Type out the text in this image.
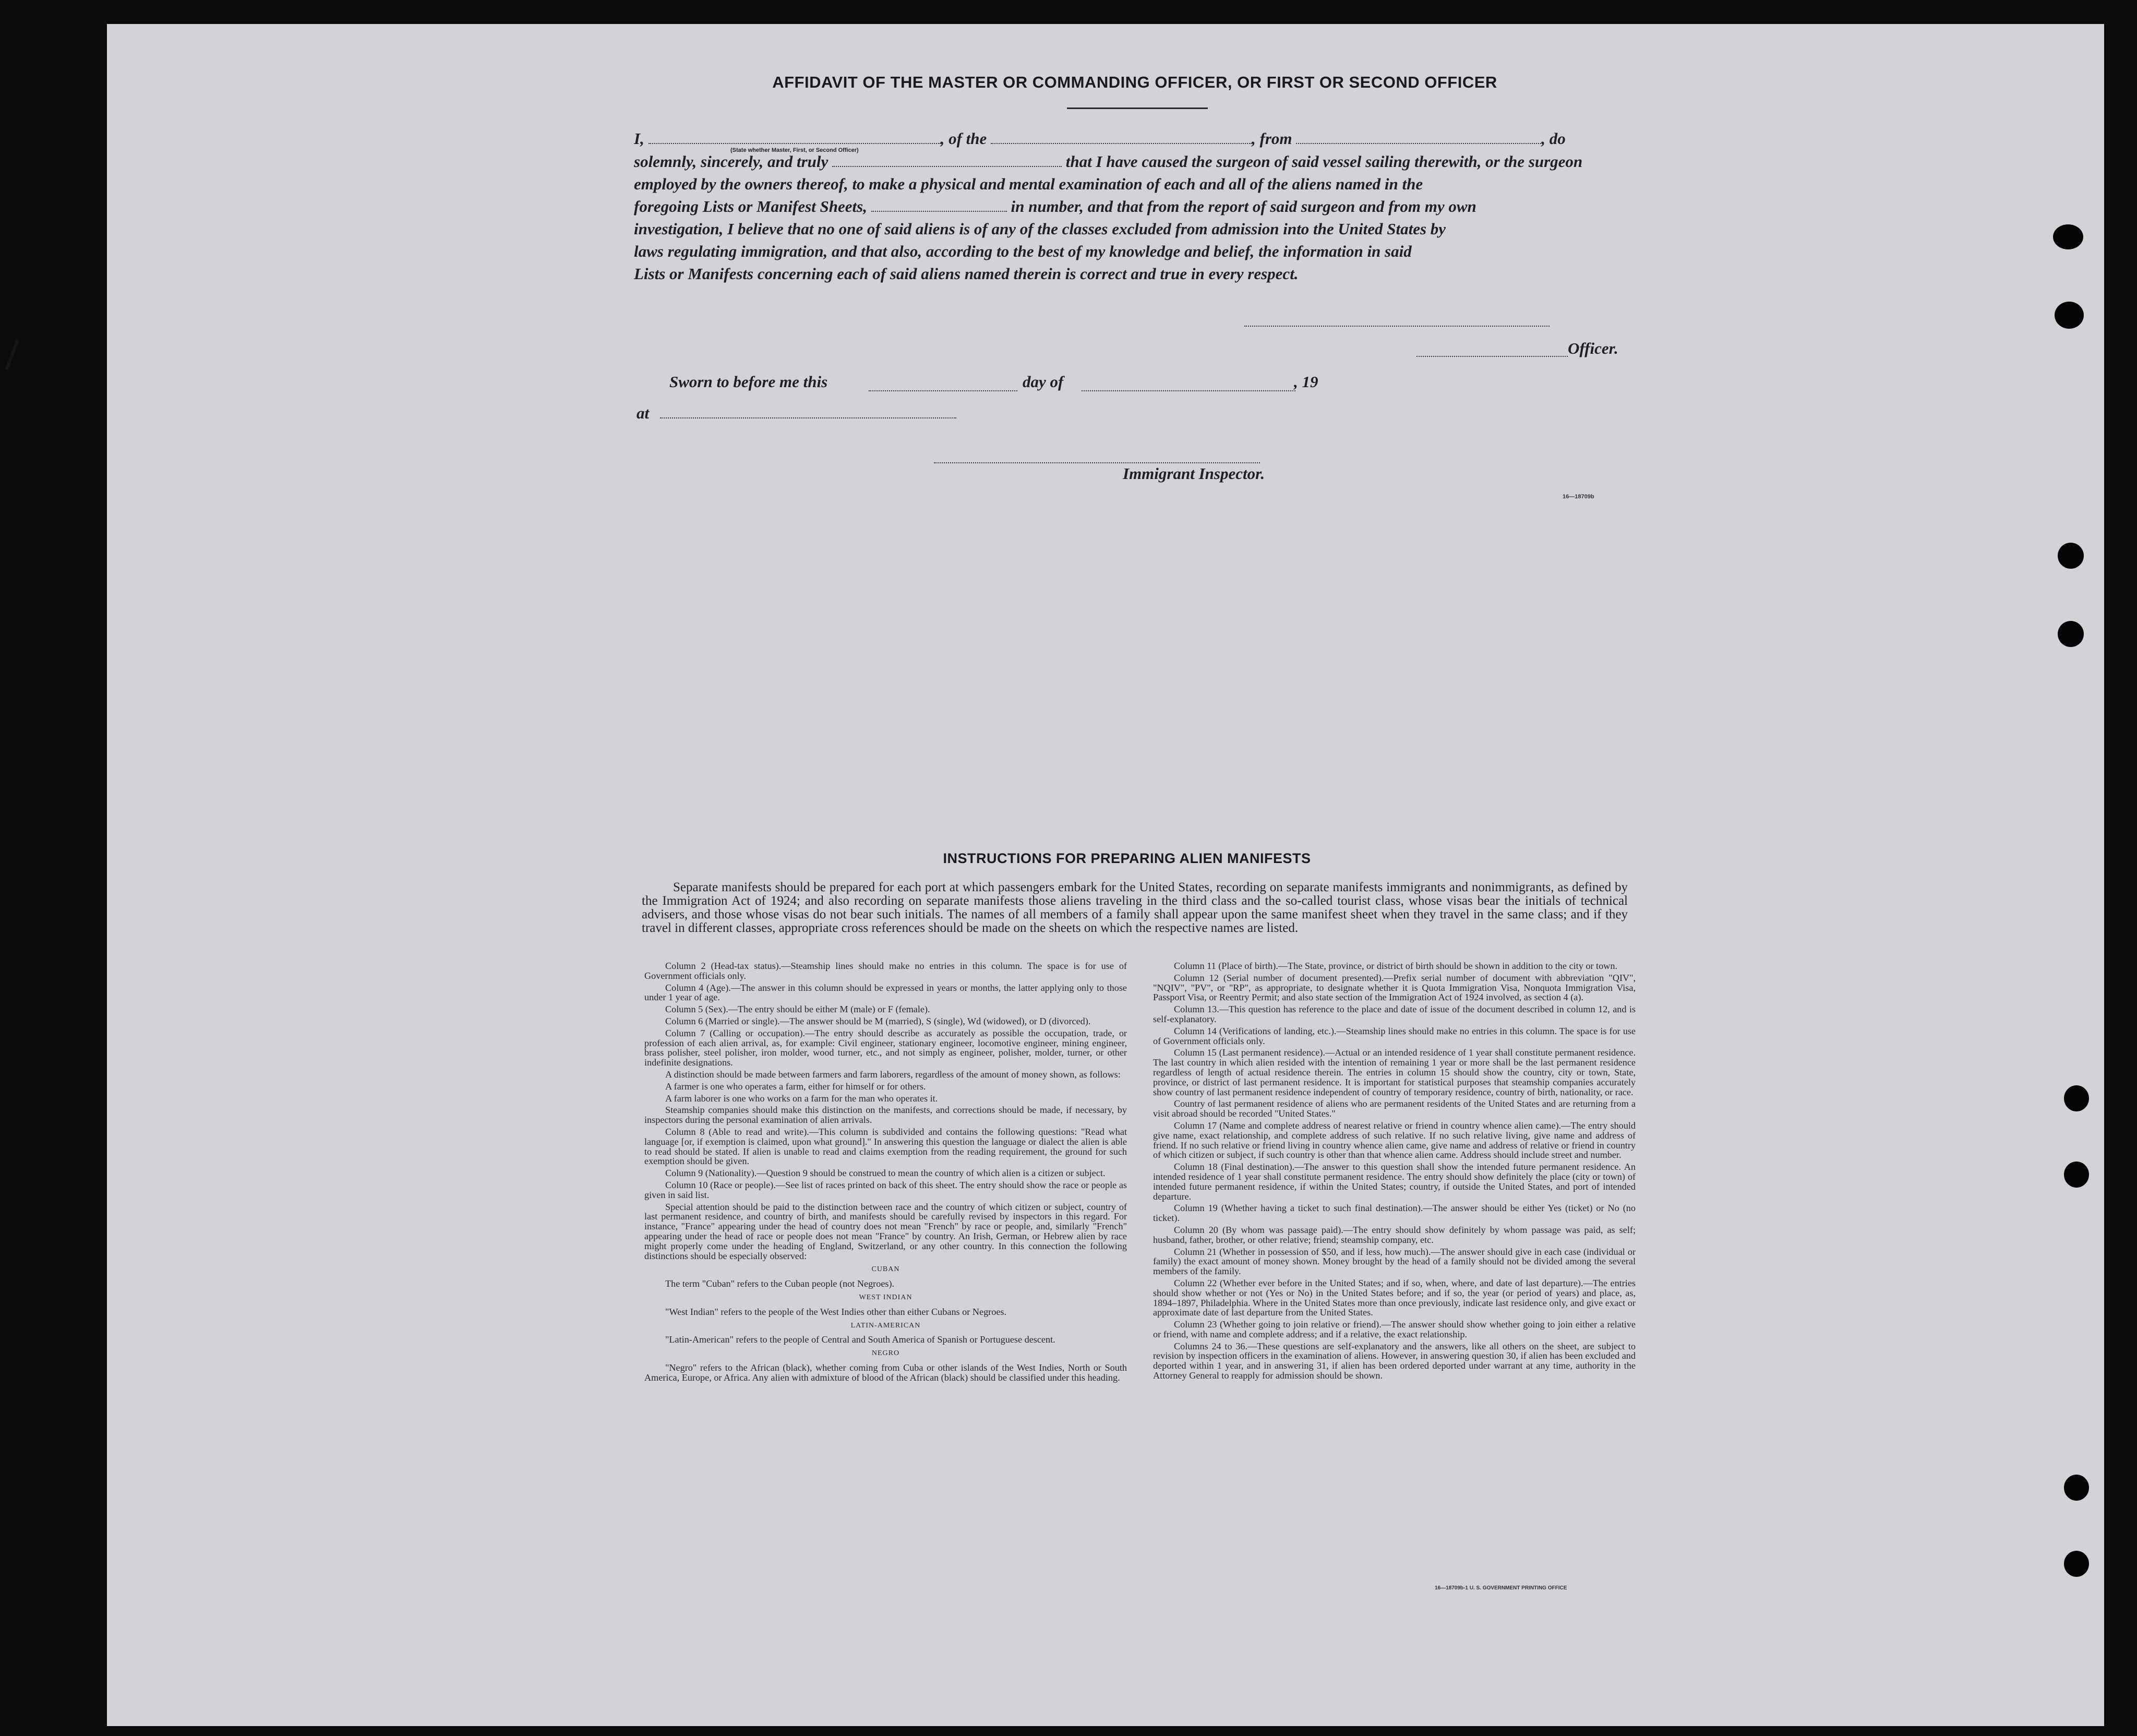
AFFIDAVIT OF THE MASTER OR COMMANDING OFFICER, OR FIRST OR SECOND OFFICER
I,	, of the	, from	, do
(State whether Master, First, or Second Officer)
solemnly, sincerely, and truly	that I have caused the surgeon of said vessel sailing therewith, or the surgeon
employed by the owners thereof, to make a physical and mental examination of each and all of the aliens named in the
foregoing Lists or Manifest Sheets,	in number, and that from the report of said surgeon and from my own
investigation, I believe that no one of said aliens is of any of the classes excluded from admission into the United States by
laws regulating immigration, and that also, according to the best of my knowledge and belief, the information in said
Lists or Manifests concerning each of said aliens named therein is correct and true in every respect.
Officer.
Sworn to before me this	day of	, 19
at
Immigrant Inspector.
16—18709b
INSTRUCTIONS FOR PREPARING ALIEN MANIFESTS
Separate manifests should be prepared for each port at which passengers embark for the United States, recording on separate manifests immigrants and nonimmigrants, as defined by the Immigration Act of 1924; and also recording on separate manifests those aliens traveling in the third class and the so-called tourist class, whose visas bear the initials of technical advisers, and those whose visas do not bear such initials. The names of all members of a family shall appear upon the same manifest sheet when they travel in the same class; and if they travel in different classes, appropriate cross references should be made on the sheets on which the respective names are listed.

Column 2 (Head-tax status).—Steamship lines should make no entries in this column. The space is for use of Government officials only.

Column 4 (Age).—The answer in this column should be expressed in years or months, the latter applying only to those under 1 year of age.

Column 5 (Sex).—The entry should be either M (male) or F (female).

Column 6 (Married or single).—The answer should be M (married), S (single), Wd (widowed), or D (divorced).

Column 7 (Calling or occupation).—The entry should describe as accurately as possible the occupation, trade, or profession of each alien arrival, as, for example: Civil engineer, stationary engineer, locomotive engineer, mining engineer, brass polisher, steel polisher, iron molder, wood turner, etc., and not simply as engineer, polisher, molder, turner, or other indefinite designations.

A distinction should be made between farmers and farm laborers, regardless of the amount of money shown, as follows:

A farmer is one who operates a farm, either for himself or for others.

A farm laborer is one who works on a farm for the man who operates it.

Steamship companies should make this distinction on the manifests, and corrections should be made, if necessary, by inspectors during the personal examination of alien arrivals.

Column 8 (Able to read and write).—This column is subdivided and contains the following questions: "Read what language [or, if exemption is claimed, upon what ground]." In answering this question the language or dialect the alien is able to read should be stated. If alien is unable to read and claims exemption from the reading requirement, the ground for such exemption should be given.

Column 9 (Nationality).—Question 9 should be construed to mean the country of which alien is a citizen or subject.

Column 10 (Race or people).—See list of races printed on back of this sheet. The entry should show the race or people as given in said list.

Special attention should be paid to the distinction between race and the country of which citizen or subject, country of last permanent residence, and country of birth, and manifests should be carefully revised by inspectors in this regard. For instance, "France" appearing under the head of country does not mean "French" by race or people, and, similarly "French" appearing under the head of race or people does not mean "France" by country. An Irish, German, or Hebrew alien by race might properly come under the heading of England, Switzerland, or any other country. In this connection the following distinctions should be especially observed:

CUBAN

The term "Cuban" refers to the Cuban people (not Negroes).

WEST INDIAN

"West Indian" refers to the people of the West Indies other than either Cubans or Negroes.

LATIN-AMERICAN

"Latin-American" refers to the people of Central and South America of Spanish or Portuguese descent.

NEGRO

"Negro" refers to the African (black), whether coming from Cuba or other islands of the West Indies, North or South America, Europe, or Africa. Any alien with admixture of blood of the African (black) should be classified under this heading.

Column 11 (Place of birth).—The State, province, or district of birth should be shown in addition to the city or town.

Column 12 (Serial number of document presented).—Prefix serial number of document with abbreviation "QIV", "NQIV", "PV", or "RP", as appropriate, to designate whether it is Quota Immigration Visa, Nonquota Immigration Visa, Passport Visa, or Reentry Permit; and also state section of the Immigration Act of 1924 involved, as section 4 (a).

Column 13.—This question has reference to the place and date of issue of the document described in column 12, and is self-explanatory.

Column 14 (Verifications of landing, etc.).—Steamship lines should make no entries in this column. The space is for use of Government officials only.

Column 15 (Last permanent residence).—Actual or an intended residence of 1 year shall constitute permanent residence. The last country in which alien resided with the intention of remaining 1 year or more shall be the last permanent residence regardless of length of actual residence therein. The entries in column 15 should show the country, city or town, State, province, or district of last permanent residence. It is important for statistical purposes that steamship companies accurately show country of last permanent residence independent of country of temporary residence, country of birth, nationality, or race.

Country of last permanent residence of aliens who are permanent residents of the United States and are returning from a visit abroad should be recorded "United States."

Column 17 (Name and complete address of nearest relative or friend in country whence alien came).—The entry should give name, exact relationship, and complete address of such relative. If no such relative living, give name and address of friend. If no such relative or friend living in country whence alien came, give name and address of relative or friend in country of which citizen or subject, if such country is other than that whence alien came. Address should include street and number.

Column 18 (Final destination).—The answer to this question shall show the intended future permanent residence. An intended residence of 1 year shall constitute permanent residence. The entry should show definitely the place (city or town) of intended future permanent residence, if within the United States; country, if outside the United States, and port of intended departure.

Column 19 (Whether having a ticket to such final destination).—The answer should be either Yes (ticket) or No (no ticket).

Column 20 (By whom was passage paid).—The entry should show definitely by whom passage was paid, as self; husband, father, brother, or other relative; friend; steamship company, etc.

Column 21 (Whether in possession of $50, and if less, how much).—The answer should give in each case (individual or family) the exact amount of money shown. Money brought by the head of a family should not be divided among the several members of the family.

Column 22 (Whether ever before in the United States; and if so, when, where, and date of last departure).—The entries should show whether or not (Yes or No) in the United States before; and if so, the year (or period of years) and place, as, 1894–1897, Philadelphia. Where in the United States more than once previously, indicate last residence only, and give exact or approximate date of last departure from the United States.

Column 23 (Whether going to join relative or friend).—The answer should show whether going to join either a relative or friend, with name and complete address; and if a relative, the exact relationship.

Columns 24 to 36.—These questions are self-explanatory and the answers, like all others on the sheet, are subject to revision by inspection officers in the examination of aliens. However, in answering question 30, if alien has been excluded and deported within 1 year, and in answering 31, if alien has been ordered deported under warrant at any time, authority in the Attorney General to reapply for admission should be shown.

16—18709b-1 U. S. GOVERNMENT PRINTING OFFICE
